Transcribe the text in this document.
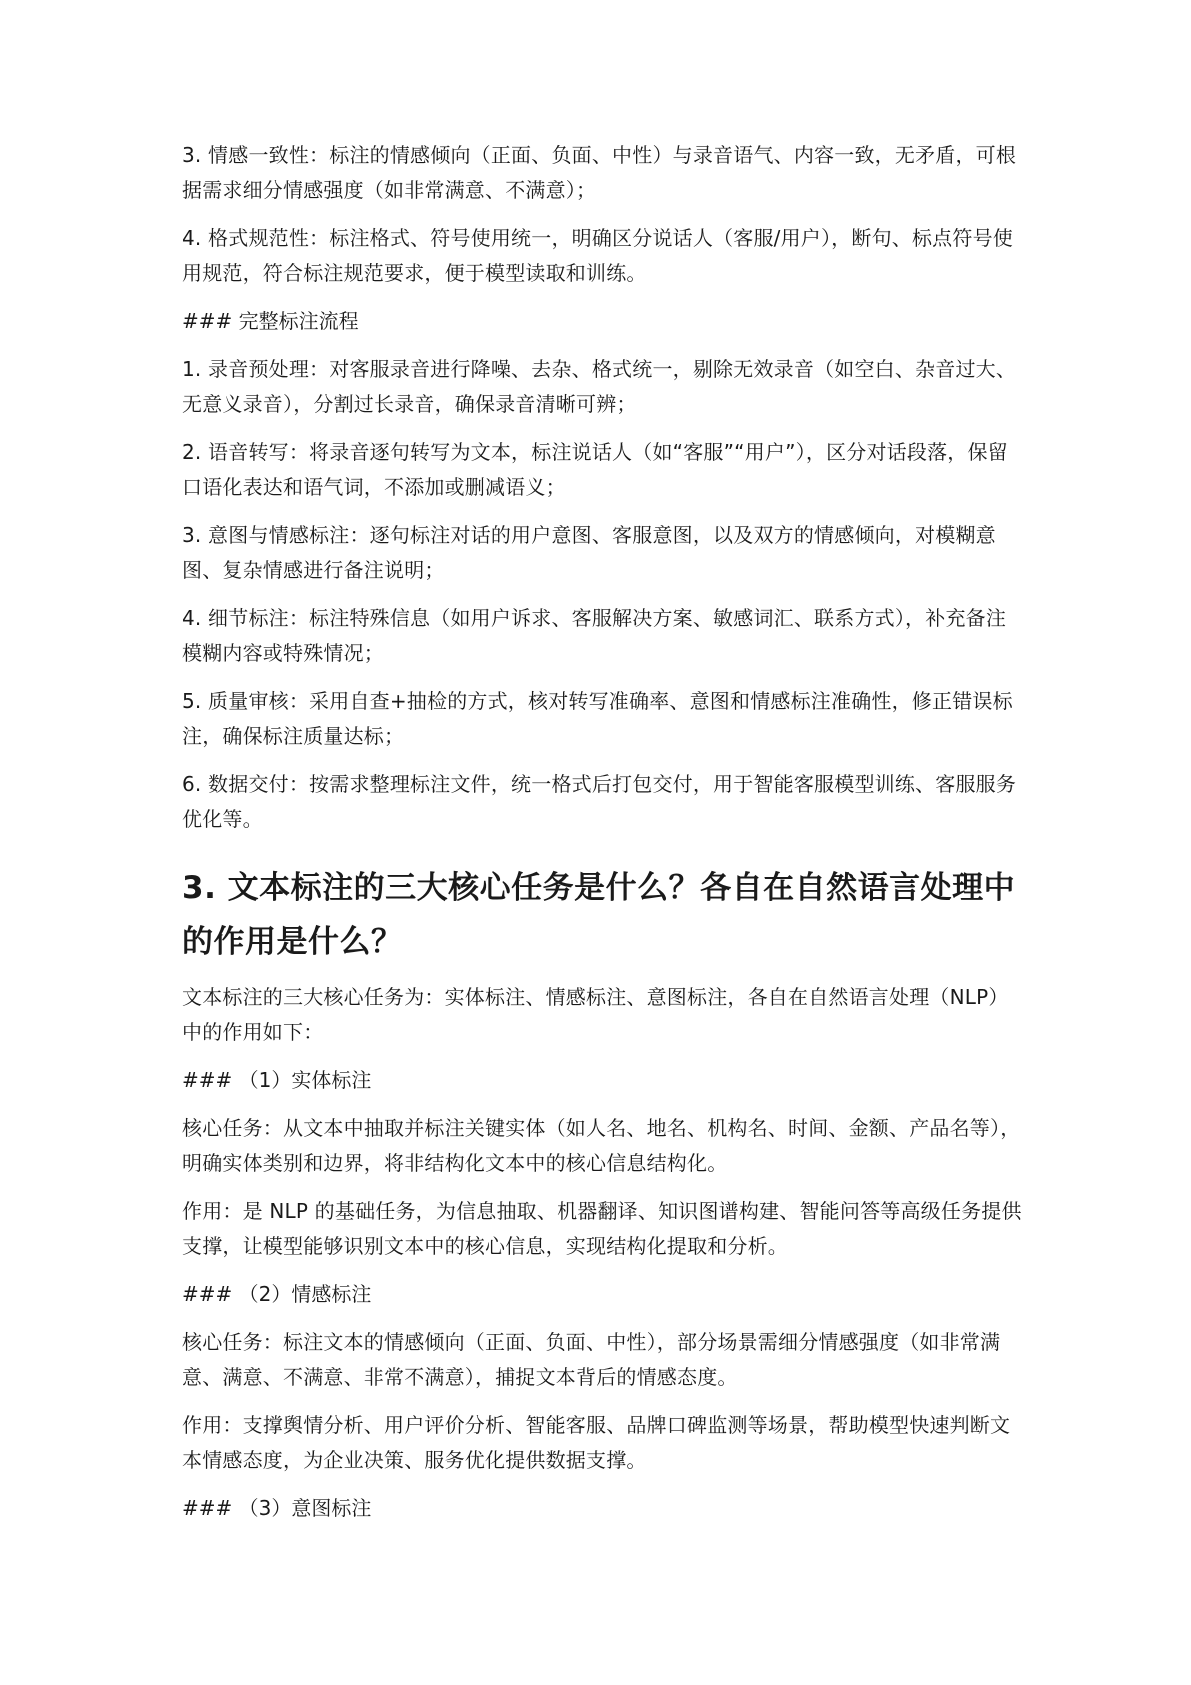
3. 情感一致性：标注的情感倾向（正面、负面、中性）与录音语气、内容一致，无矛盾，可根据需求细分情感强度（如非常满意、不满意）；

4. 格式规范性：标注格式、符号使用统一，明确区分说话人（客服/用户），断句、标点符号使用规范，符合标注规范要求，便于模型读取和训练。

### 完整标注流程

1. 录音预处理：对客服录音进行降噪、去杂、格式统一，剔除无效录音（如空白、杂音过大、无意义录音），分割过长录音，确保录音清晰可辨；

2. 语音转写：将录音逐句转写为文本，标注说话人（如“客服”“用户”），区分对话段落，保留口语化表达和语气词，不添加或删减语义；

3. 意图与情感标注：逐句标注对话的用户意图、客服意图，以及双方的情感倾向，对模糊意图、复杂情感进行备注说明；

4. 细节标注：标注特殊信息（如用户诉求、客服解决方案、敏感词汇、联系方式），补充备注模糊内容或特殊情况；

5. 质量审核：采用自查+抽检的方式，核对转写准确率、意图和情感标注准确性，修正错误标注，确保标注质量达标；

6. 数据交付：按需求整理标注文件，统一格式后打包交付，用于智能客服模型训练、客服服务优化等。

3. 文本标注的三大核心任务是什么？各自在自然语言处理中的作用是什么？

文本标注的三大核心任务为：实体标注、情感标注、意图标注，各自在自然语言处理（NLP）中的作用如下：

### （1）实体标注

核心任务：从文本中抽取并标注关键实体（如人名、地名、机构名、时间、金额、产品名等），明确实体类别和边界，将非结构化文本中的核心信息结构化。

作用：是 NLP 的基础任务，为信息抽取、机器翻译、知识图谱构建、智能问答等高级任务提供支撑，让模型能够识别文本中的核心信息，实现结构化提取和分析。

### （2）情感标注

核心任务：标注文本的情感倾向（正面、负面、中性），部分场景需细分情感强度（如非常满意、满意、不满意、非常不满意），捕捉文本背后的情感态度。

作用：支撑舆情分析、用户评价分析、智能客服、品牌口碑监测等场景，帮助模型快速判断文本情感态度，为企业决策、服务优化提供数据支撑。

### （3）意图标注
